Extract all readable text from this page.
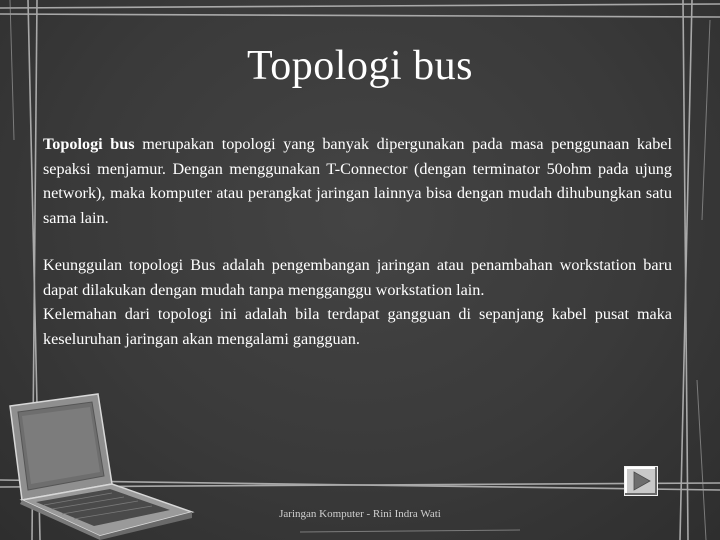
Topologi bus

Topologi bus merupakan topologi yang banyak dipergunakan pada masa penggunaan kabel sepaksi menjamur. Dengan menggunakan T-Connector (dengan terminator 50ohm pada ujung network), maka komputer atau perangkat jaringan lainnya bisa dengan mudah dihubungkan satu sama lain.

Keunggulan topologi Bus adalah pengembangan jaringan atau penambahan workstation baru dapat dilakukan dengan mudah tanpa mengganggu workstation lain.

Kelemahan dari topologi ini adalah bila terdapat gangguan di sepanjang kabel pusat maka keseluruhan jaringan akan mengalami gangguan.

Jaringan Komputer - Rini Indra Wati
